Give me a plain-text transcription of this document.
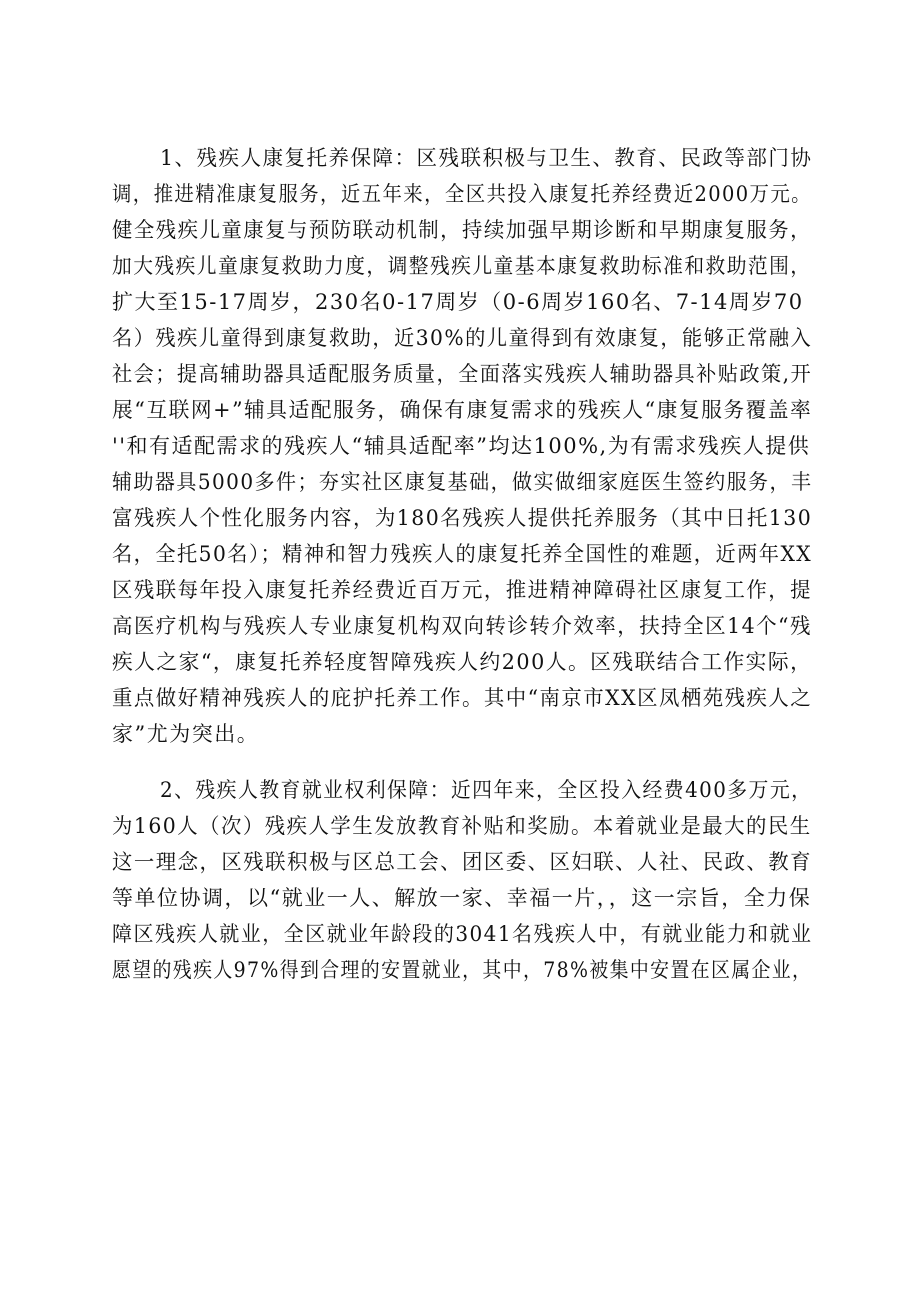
1、残疾人康复托养保障：区残联积极与卫生、教育、民政等部门协
调，推进精准康复服务，近五年来，全区共投入康复托养经费近2000万元。
健全残疾儿童康复与预防联动机制，持续加强早期诊断和早期康复服务，
加大残疾儿童康复救助力度，调整残疾儿童基本康复救助标准和救助范围，
扩大至15-17周岁，230名0-17周岁（0-6周岁160名、7-14周岁70
名）残疾儿童得到康复救助，近30%的儿童得到有效康复，能够正常融入
社会；提高辅助器具适配服务质量，全面落实残疾人辅助器具补贴政策,开
展“互联网+”辅具适配服务，确保有康复需求的残疾人“康复服务覆盖率
''和有适配需求的残疾人“辅具适配率”均达100%,为有需求残疾人提供
辅助器具5000多件；夯实社区康复基础，做实做细家庭医生签约服务，丰
富残疾人个性化服务内容，为180名残疾人提供托养服务（其中日托130
名，全托50名）；精神和智力残疾人的康复托养全国性的难题，近两年XX
区残联每年投入康复托养经费近百万元，推进精神障碍社区康复工作，提
高医疗机构与残疾人专业康复机构双向转诊转介效率，扶持全区14个“残
疾人之家“，康复托养轻度智障残疾人约200人。区残联结合工作实际，
重点做好精神残疾人的庇护托养工作。其中“南京市XX区凤栖苑残疾人之
家”尤为突出。
2、残疾人教育就业权利保障：近四年来，全区投入经费400多万元，
为160人（次）残疾人学生发放教育补贴和奖励。本着就业是最大的民生
这一理念，区残联积极与区总工会、团区委、区妇联、人社、民政、教育
等单位协调，以“就业一人、解放一家、幸福一片，，这一宗旨，全力保
障区残疾人就业，全区就业年龄段的3041名残疾人中，有就业能力和就业
愿望的残疾人97%得到合理的安置就业，其中，78%被集中安置在区属企业，
